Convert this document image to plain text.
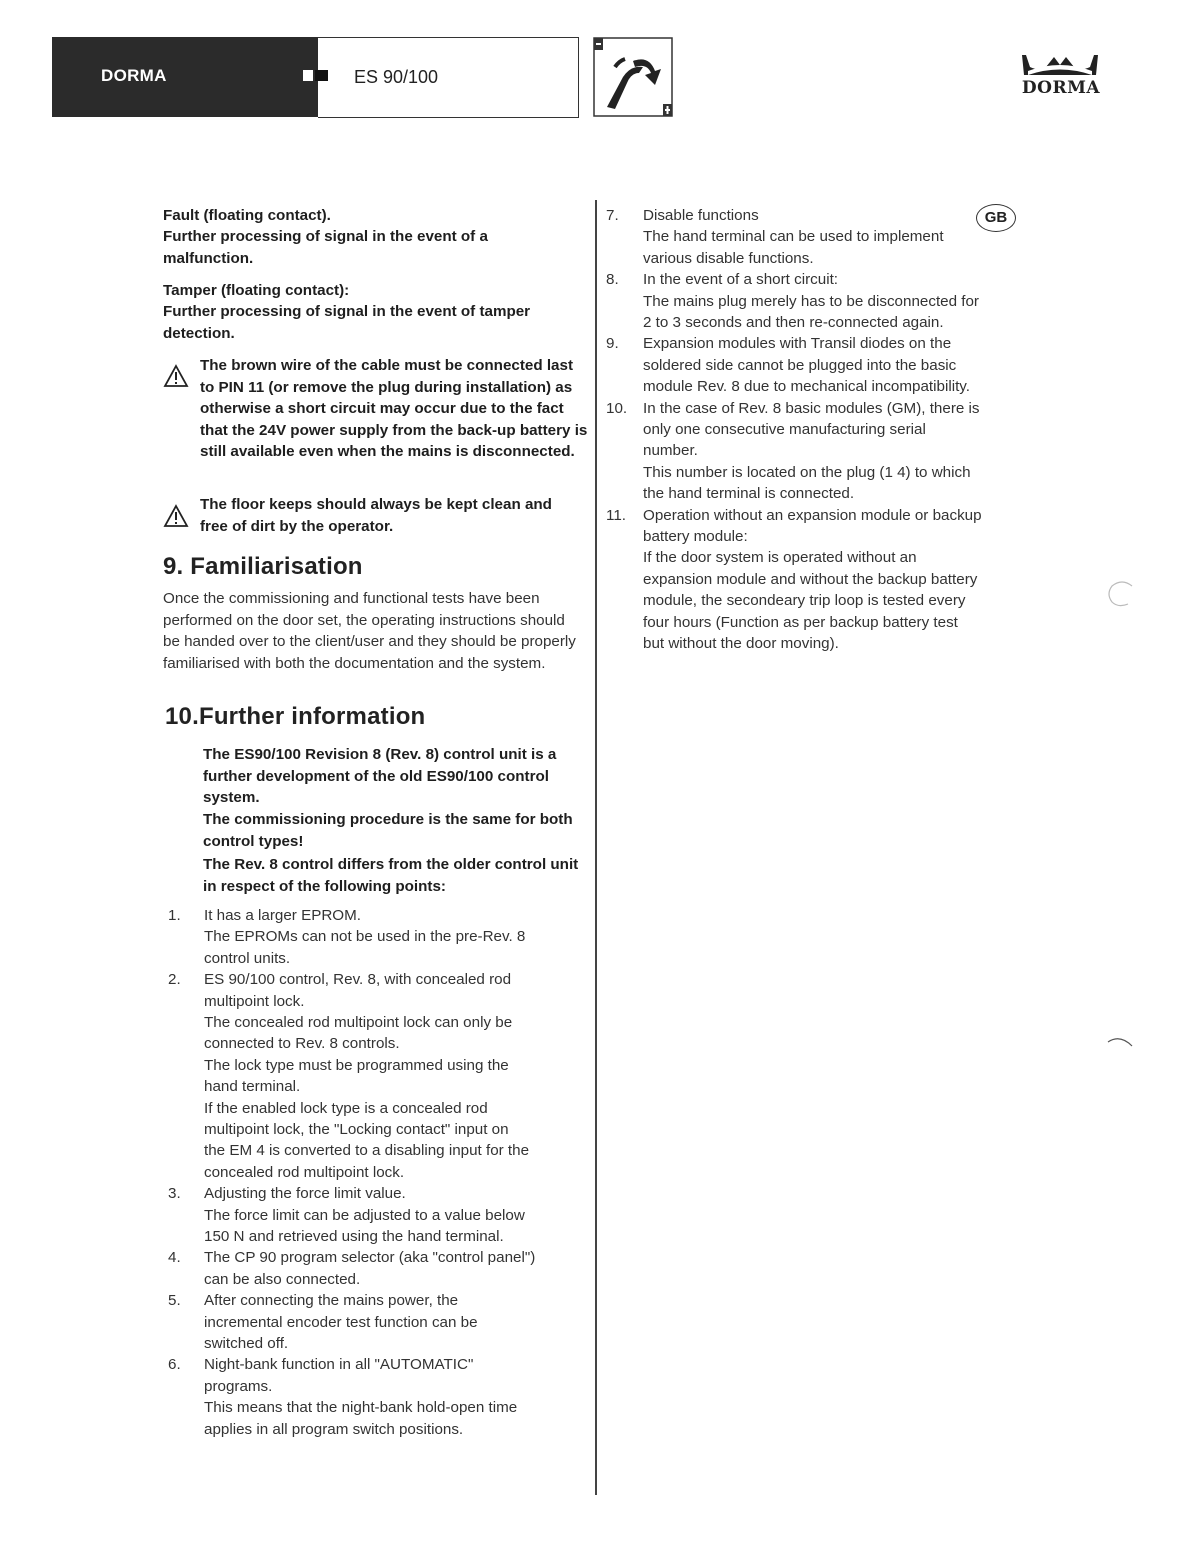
DORMA	ES 90/100
DORMA
Fault (floating contact).
Further processing of signal in the event of a malfunction.
Tamper (floating contact):
Further processing of signal in the event of tamper detection.
The brown wire of the cable must be connected last to PIN 11 (or remove the plug during installation) as otherwise a short circuit may occur due to the fact that the 24V power supply from the back-up battery is still available even when the mains is disconnected.
The floor keeps should always be kept clean and free of dirt by the operator.
9. Familiarisation
Once the commissioning and functional tests have been performed on the door set, the operating instructions should be handed over to the client/user and they should be properly familiarised with both the documentation and the system.
10.Further information
The ES90/100 Revision 8 (Rev. 8) control unit is a further development of the old ES90/100 control system.
The commissioning procedure is the same for both control types!
The Rev. 8 control differs from the older control unit in respect of the following points:
1. It has a larger EPROM.
The EPROMs can not be used in the pre-Rev. 8
control units.
2. ES 90/100 control, Rev. 8, with concealed rod
multipoint lock.
The concealed rod multipoint lock can only be
connected to Rev. 8 controls.
The lock type must be programmed using the
hand terminal.
If the enabled lock type is a concealed rod
multipoint lock, the "Locking contact" input on
the EM 4 is converted to a disabling input for the
concealed rod multipoint lock.
3. Adjusting the force limit value.
The force limit can be adjusted to a value below
150 N and retrieved using the hand terminal.
4. The CP 90 program selector (aka "control panel")
can be also connected.
5. After connecting the mains power, the
incremental encoder test function can be
switched off.
6. Night-bank function in all "AUTOMATIC"
programs.
This means that the night-bank hold-open time
applies in all program switch positions.
GB
7. Disable functions
The hand terminal can be used to implement
various disable functions.
8. In the event of a short circuit:
The mains plug merely has to be disconnected for
2 to 3 seconds and then re-connected again.
9. Expansion modules with Transil diodes on the
soldered side cannot be plugged into the basic
module Rev. 8 due to mechanical incompatibility.
10. In the case of Rev. 8 basic modules (GM), there is
only one consecutive manufacturing serial
number.
This number is located on the plug (1 4) to which
the hand terminal is connected.
11. Operation without an expansion module or backup
battery module:
If the door system is operated without an
expansion module and without the backup battery
module, the secondeary trip loop is tested every
four hours (Function as per backup battery test
but without the door moving).
